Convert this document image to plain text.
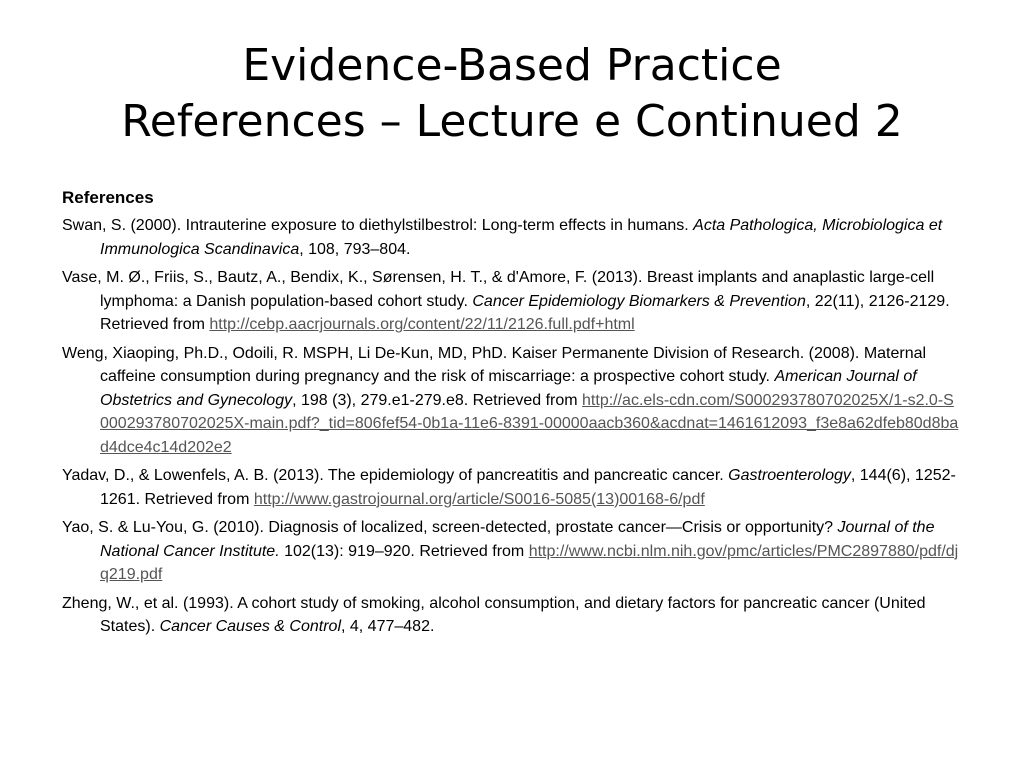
Evidence-Based Practice
References – Lecture e Continued 2
References

Swan, S. (2000). Intrauterine exposure to diethylstilbestrol: Long-term effects in humans. Acta Pathologica, Microbiologica et Immunologica Scandinavica, 108, 793–804.

Vase, M. Ø., Friis, S., Bautz, A., Bendix, K., Sørensen, H. T., & d'Amore, F. (2013). Breast implants and anaplastic large-cell lymphoma: a Danish population-based cohort study. Cancer Epidemiology Biomarkers & Prevention, 22(11), 2126-2129. Retrieved from http://cebp.aacrjournals.org/content/22/11/2126.full.pdf+html

Weng, Xiaoping, Ph.D., Odoili, R. MSPH, Li De-Kun, MD, PhD. Kaiser Permanente Division of Research. (2008). Maternal caffeine consumption during pregnancy and the risk of miscarriage: a prospective cohort study. American Journal of Obstetrics and Gynecology, 198 (3), 279.e1-279.e8. Retrieved from http://ac.els-cdn.com/S000293780702025X/1-s2.0-S000293780702025X-main.pdf?_tid=806fef54-0b1a-11e6-8391-00000aacb360&acdnat=1461612093_f3e8a62dfeb80d8bad4dce4c14d202e2

Yadav, D., & Lowenfels, A. B. (2013). The epidemiology of pancreatitis and pancreatic cancer. Gastroenterology, 144(6), 1252-1261. Retrieved from http://www.gastrojournal.org/article/S0016-5085(13)00168-6/pdf

Yao, S. & Lu-You, G. (2010). Diagnosis of localized, screen-detected, prostate cancer—Crisis or opportunity? Journal of the National Cancer Institute. 102(13): 919–920. Retrieved from http://www.ncbi.nlm.nih.gov/pmc/articles/PMC2897880/pdf/djq219.pdf

Zheng, W., et al. (1993). A cohort study of smoking, alcohol consumption, and dietary factors for pancreatic cancer (United States). Cancer Causes & Control, 4, 477–482.
